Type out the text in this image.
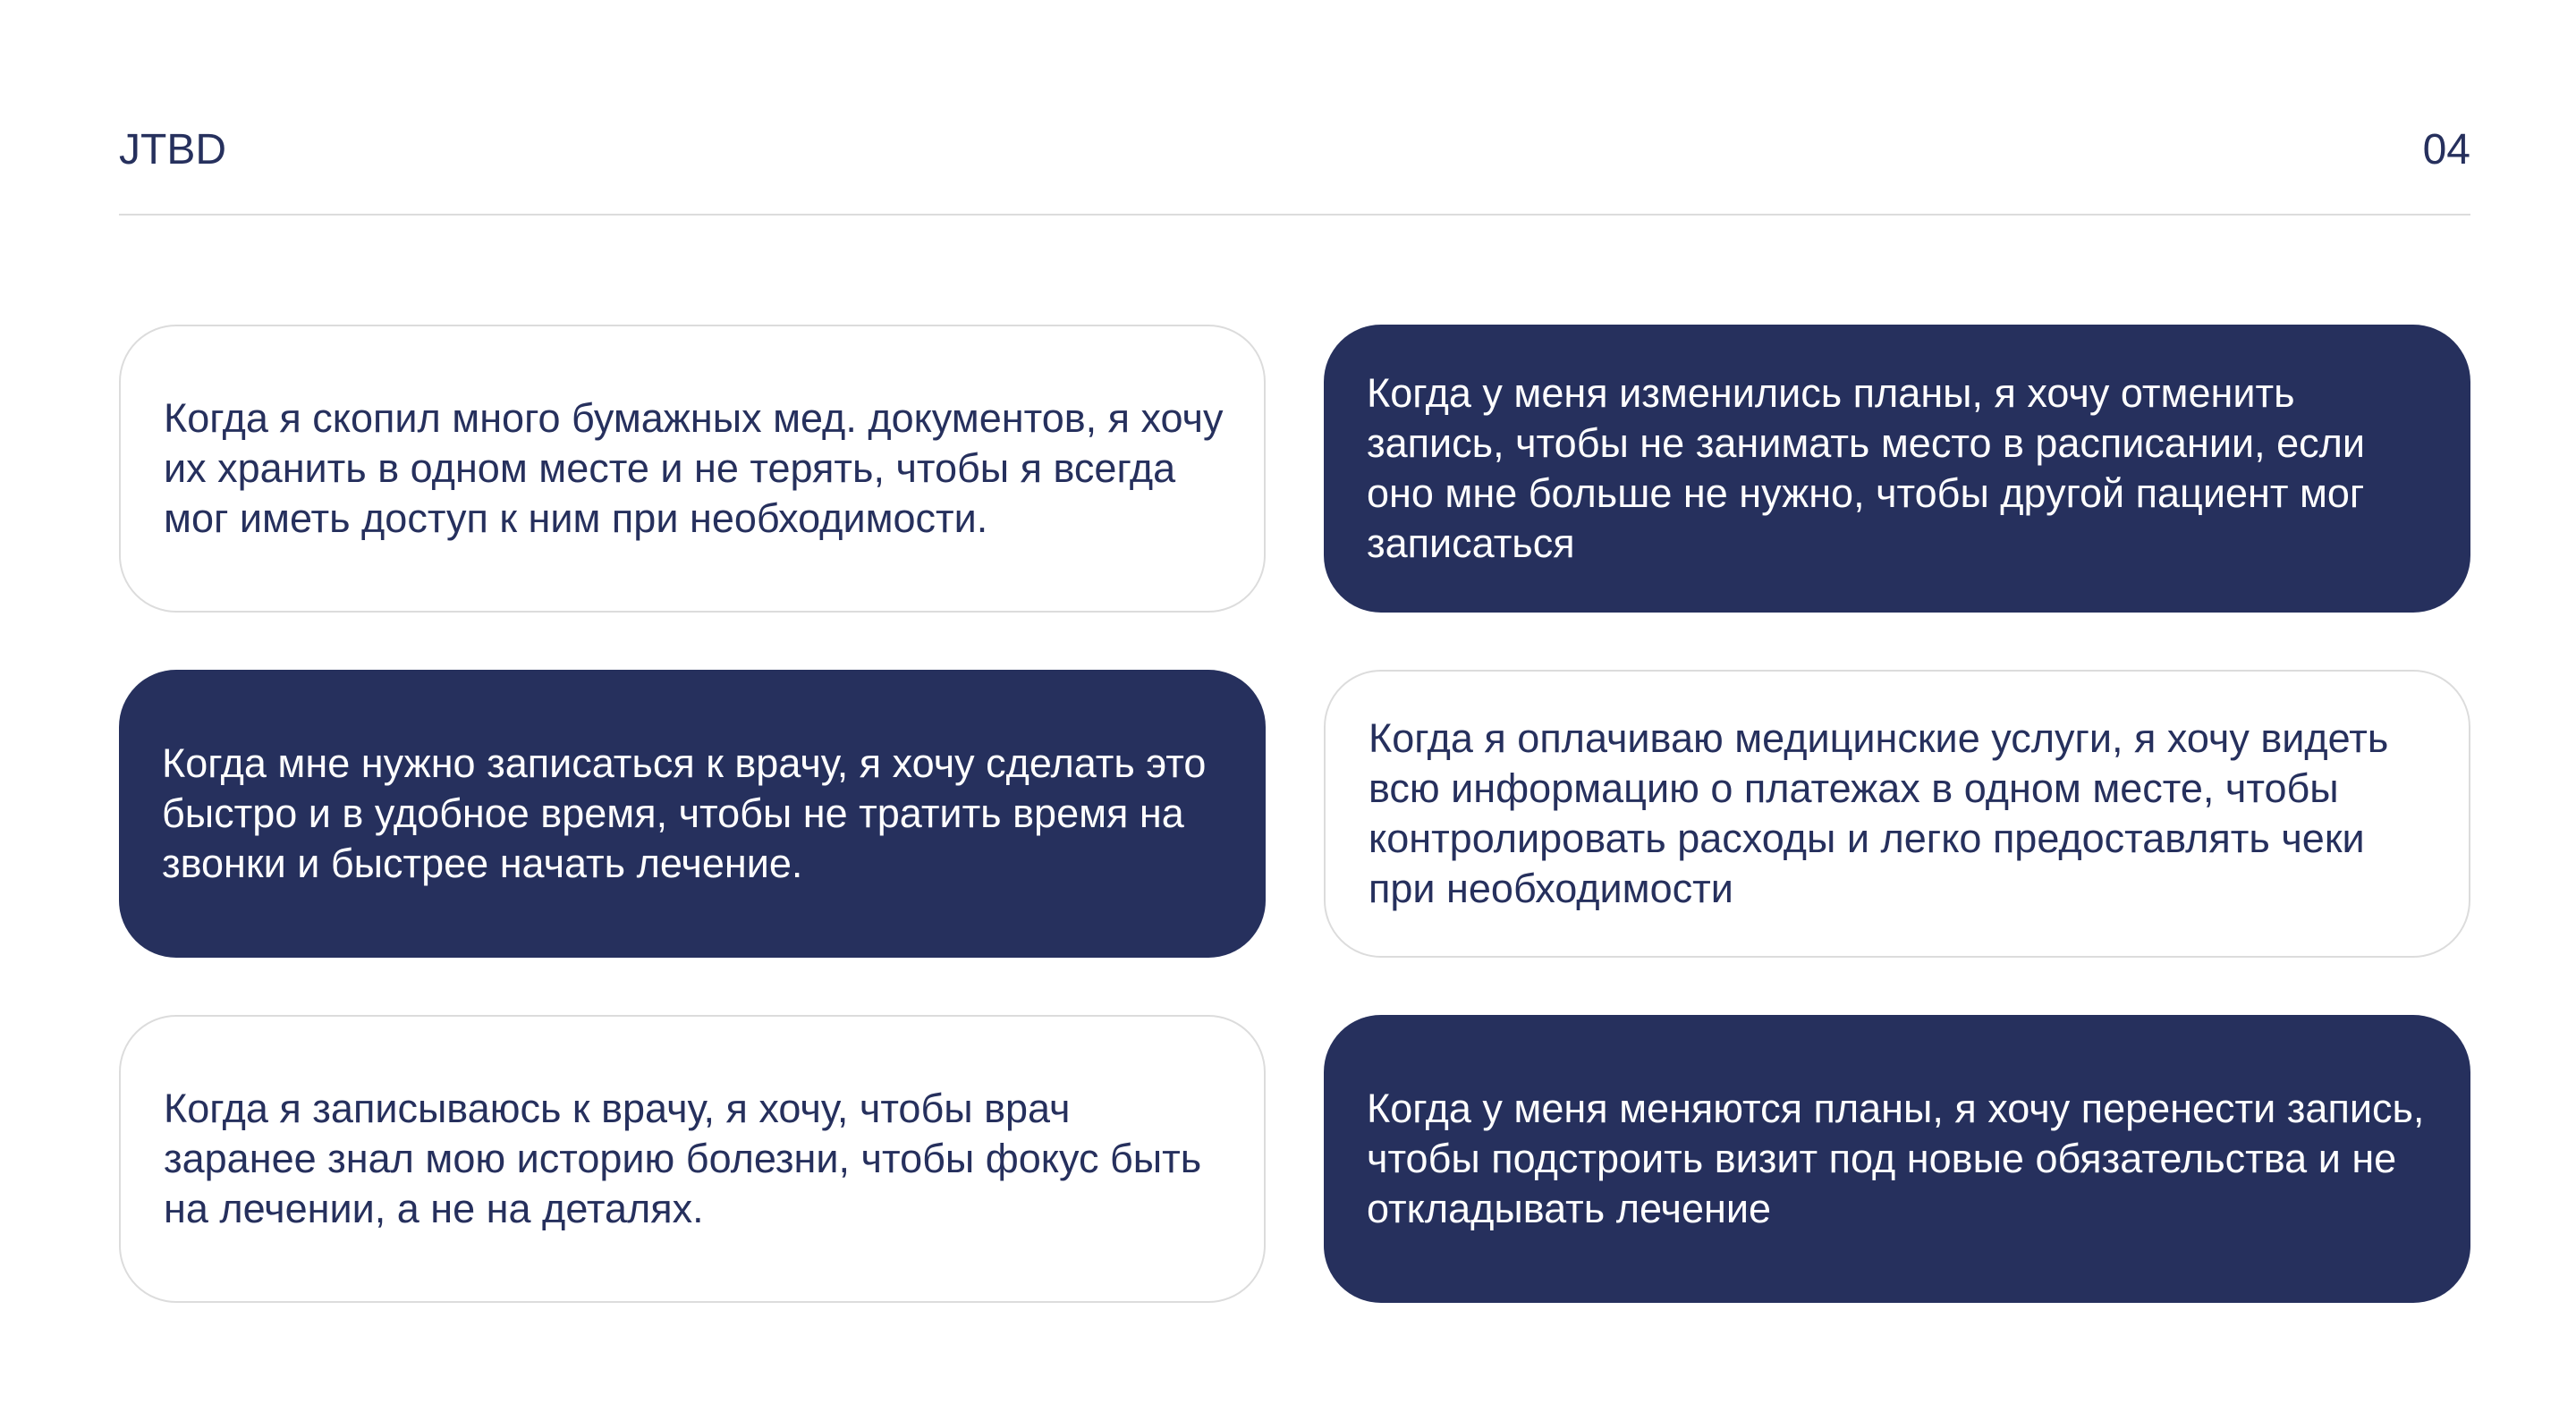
JTBD	04

Когда я скопил много бумажных мед. документов, я хочу их хранить в одном месте и не терять, чтобы я всегда мог иметь доступ к ним при необходимости.

Когда у меня изменились планы, я хочу отменить запись, чтобы не занимать место в расписании, если оно мне больше не нужно, чтобы другой пациент мог записаться

Когда мне нужно записаться к врачу, я хочу сделать это быстро и в удобное время, чтобы не тратить время на звонки и быстрее начать лечение.

Когда я оплачиваю медицинские услуги, я хочу видеть всю информацию о платежах в одном месте, чтобы контролировать расходы и легко предоставлять чеки при необходимости

Когда я записываюсь к врачу, я хочу, чтобы врач заранее знал мою историю болезни, чтобы фокус быть на лечении, а не на деталях.

Когда у меня меняются планы, я хочу перенести запись, чтобы подстроить визит под новые обязательства и не откладывать лечение
